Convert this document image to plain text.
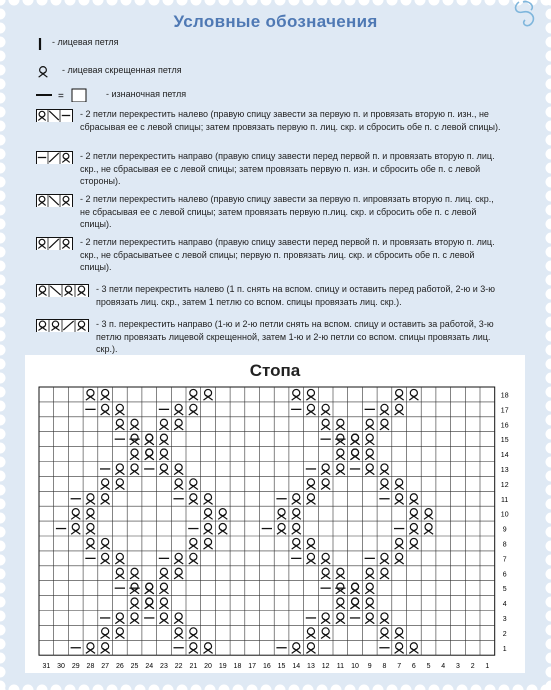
Условные обозначения
- лицевая петля
- лицевая скрещенная петля
=	- изнаночная петля
- 2 петли перекрестить налево (правую спицу завести за первую п. и провязать вторую п. изн., не сбрасывая ее с левой спицы; затем провязать первую п. лиц. скр. и сбросить обе п. с левой спицы).
- 2 петли перекрестить направо (правую спицу завести перед первой п. и провязать вторую п. лиц. скр., не сбрасывая ее с левой спицы; затем провязать первую п. изн. и сбросить обе п. с левой стороны).
- 2 петли перекрестить налево (правую спицу завести за первую п. ипровязать вторую п. лиц. скр., не сбрасывая ее с левой спицы; затем провязать первую п.лиц. скр. и сбросить обе п. с левой спицы).
- 2 петли перекрестить направо (правую спицу завести перед первой п. и провязать вторую п. лиц. скр., не сбрасыватьее с левой спицы; первую п. провязать лиц. скр. и сбросить обе п. с левой спицы).
- 3 петли перекрестить налево (1 п. снять на вспом. спицу и оставить перед работой, 2-ю и 3-ю провязать лиц. скр., затем 1 петлю со вспом. спицы провязать лиц. скр.).
- 3 п. перекрестить направо (1-ю и 2-ю петли снять на вспом. спицу и оставить за работой, 3-ю петлю провязать лицевой скрещенной, затем 1-ю и 2-ю петли со вспом. спицы провязать лиц. скр.).
Стопа
31 30 29 28 27 26 25 24 23 22 21 20 19 18 17 16 15 14 13 12 11 10 9 8 7 6 5 4 3 2 1
18
17
16
15
14
13
12
11
10
9
8
7
6
5
4
3
2
1
